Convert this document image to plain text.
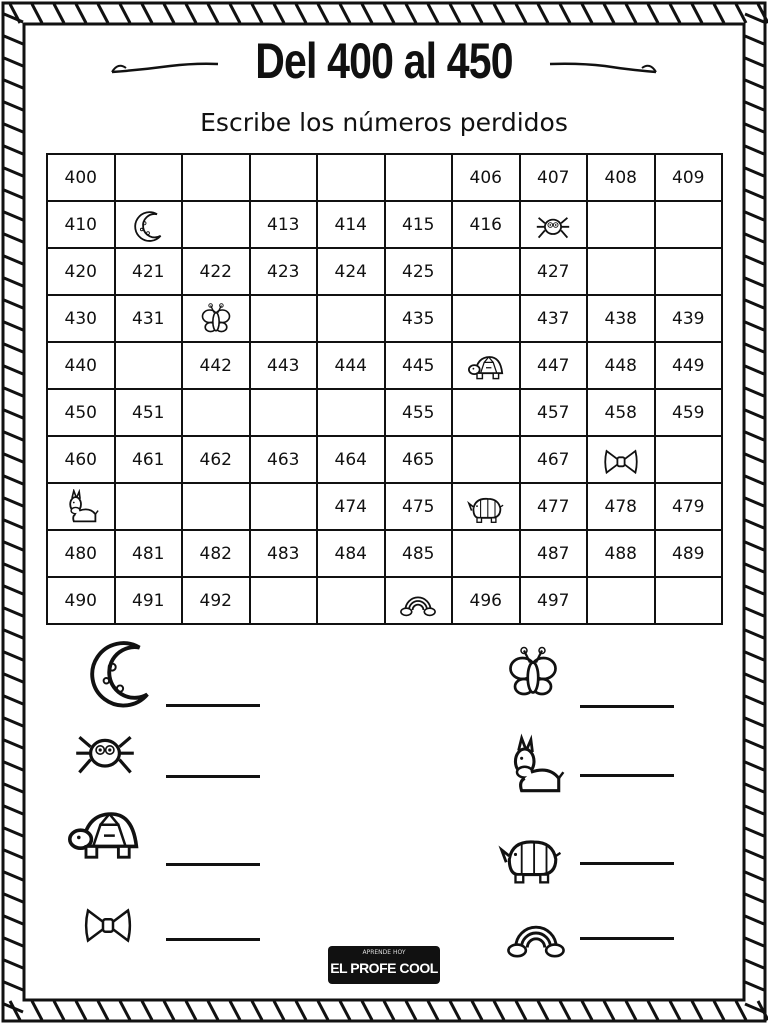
Del 400 al 450
Escribe los números perdidos
400						406	407	408	409
410			413	414	415	416	

420	421	422	423	424	425		427		
430	431				435		437	438	439
440		442	443	444	445		447	448	449
450	451				455		457	458	459
460	461	462	463	464	465		467	

				474	475		477	478	479
480	481	482	483	484	485		487	488	489
490	491	492				496	497		
APRENDE HOY
EL PROFE COOL
